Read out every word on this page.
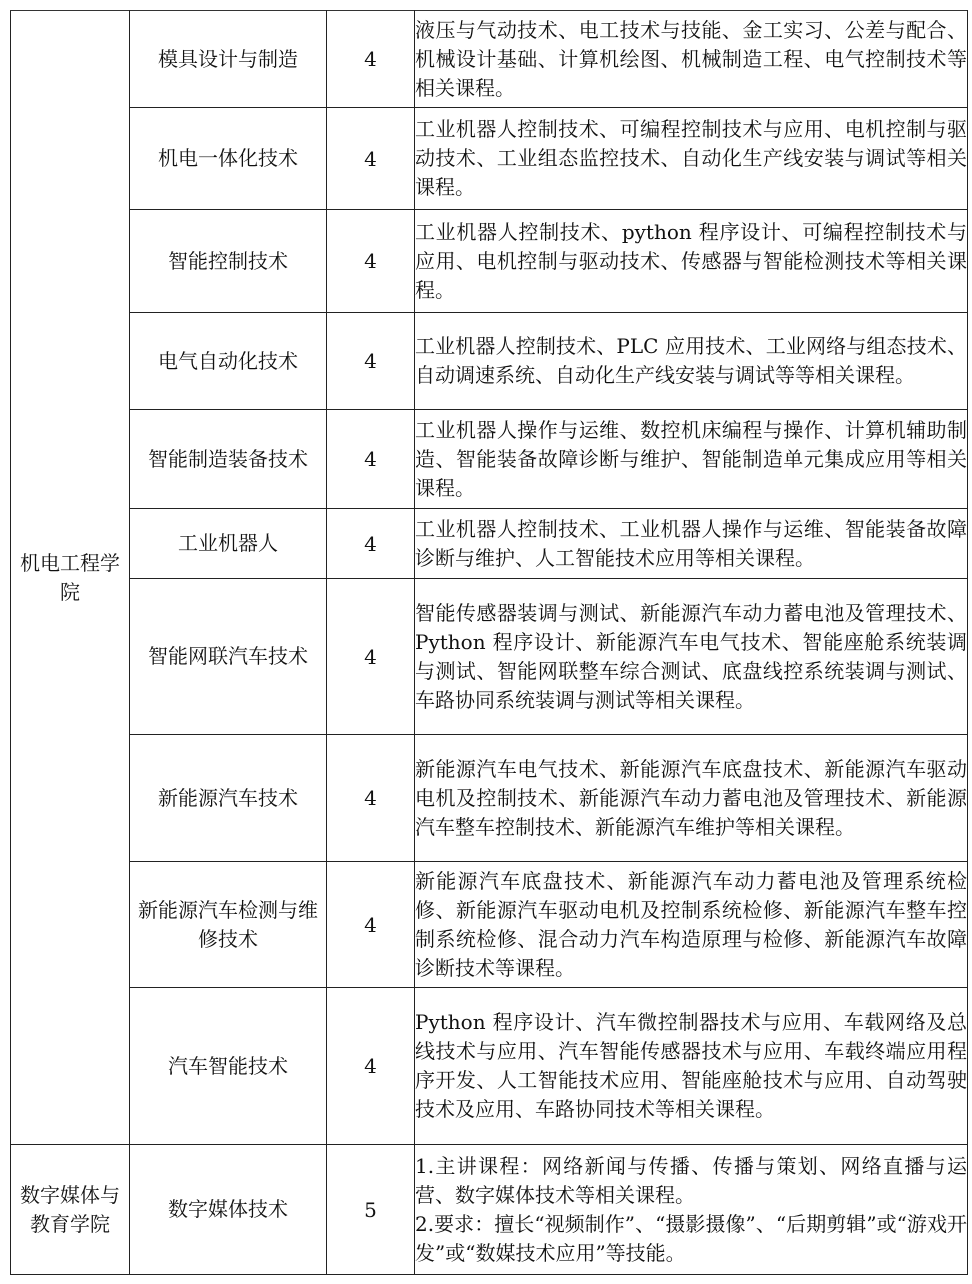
机电工程学院	模具设计与制造	4	液压与气动技术、电工技术与技能、金工实习、公差与配合、机械设计基础、计算机绘图、机械制造工程、电气控制技术等相关课程。
	机电一体化技术	4	工业机器人控制技术、可编程控制技术与应用、电机控制与驱动技术、工业组态监控技术、自动化生产线安装与调试等相关课程。
	智能控制技术	4	工业机器人控制技术、python 程序设计、可编程控制技术与应用、电机控制与驱动技术、传感器与智能检测技术等相关课程。
	电气自动化技术	4	工业机器人控制技术、PLC 应用技术、工业网络与组态技术、自动调速系统、自动化生产线安装与调试等等相关课程。
	智能制造装备技术	4	工业机器人操作与运维、数控机床编程与操作、计算机辅助制造、智能装备故障诊断与维护、智能制造单元集成应用等相关课程。
	工业机器人	4	工业机器人控制技术、工业机器人操作与运维、智能装备故障诊断与维护、人工智能技术应用等相关课程。
	智能网联汽车技术	4	智能传感器装调与测试、新能源汽车动力蓄电池及管理技术、Python 程序设计、新能源汽车电气技术、智能座舱系统装调与测试、智能网联整车综合测试、底盘线控系统装调与测试、车路协同系统装调与测试等相关课程。
	新能源汽车技术	4	新能源汽车电气技术、新能源汽车底盘技术、新能源汽车驱动电机及控制技术、新能源汽车动力蓄电池及管理技术、新能源汽车整车控制技术、新能源汽车维护等相关课程。
	新能源汽车检测与维修技术	4	新能源汽车底盘技术、新能源汽车动力蓄电池及管理系统检修、新能源汽车驱动电机及控制系统检修、新能源汽车整车控制系统检修、混合动力汽车构造原理与检修、新能源汽车故障诊断技术等课程。
	汽车智能技术	4	Python 程序设计、汽车微控制器技术与应用、车载网络及总线技术与应用、汽车智能传感器技术与应用、车载终端应用程序开发、人工智能技术应用、智能座舱技术与应用、自动驾驶技术及应用、车路协同技术等相关课程。
数字媒体与教育学院	数字媒体技术	5	1.主讲课程：网络新闻与传播、传播与策划、网络直播与运营、数字媒体技术等相关课程。
2.要求：擅长“视频制作”、“摄影摄像”、“后期剪辑”或“游戏开发”或“数媒技术应用”等技能。
